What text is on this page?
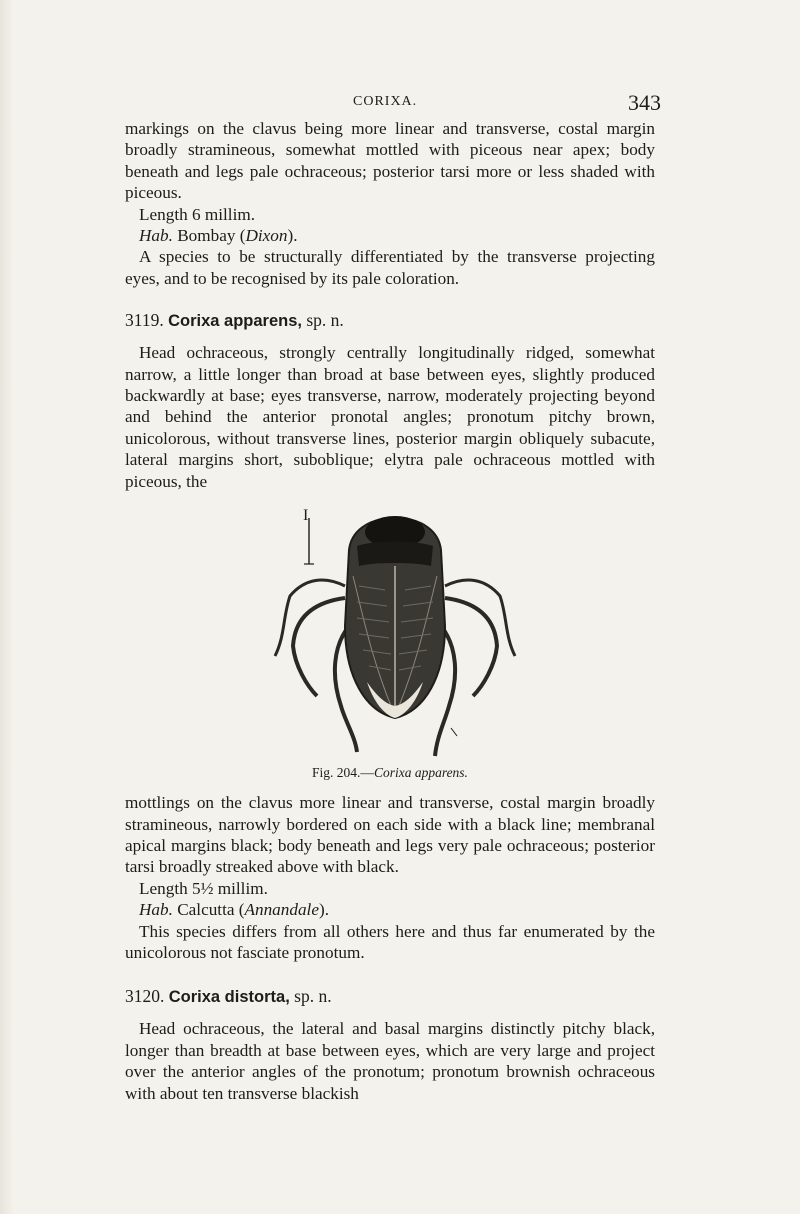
CORIXA.	343

markings on the clavus being more linear and transverse, costal margin broadly stramineous, somewhat mottled with piceous near apex; body beneath and legs pale ochraceous; posterior tarsi more or less shaded with piceous.

Length 6 millim.

Hab. Bombay (Dixon).

A species to be structurally differentiated by the transverse projecting eyes, and to be recognised by its pale coloration.

3119. Corixa apparens, sp. n.

Head ochraceous, strongly centrally longitudinally ridged, somewhat narrow, a little longer than broad at base between eyes, slightly produced backwardly at base; eyes transverse, narrow, moderately projecting beyond and behind the anterior pronotal angles; pronotum pitchy brown, unicolorous, without transverse lines, posterior margin obliquely subacute, lateral margins short, suboblique; elytra pale ochraceous mottled with piceous, the

I
Fig. 204.—Corixa apparens.

mottlings on the clavus more linear and transverse, costal margin broadly stramineous, narrowly bordered on each side with a black line; membranal apical margins black; body beneath and legs very pale ochraceous; posterior tarsi broadly streaked above with black.

Length 5½ millim.

Hab. Calcutta (Annandale).

This species differs from all others here and thus far enumerated by the unicolorous not fasciate pronotum.

3120. Corixa distorta, sp. n.

Head ochraceous, the lateral and basal margins distinctly pitchy black, longer than breadth at base between eyes, which are very large and project over the anterior angles of the pronotum; pronotum brownish ochraceous with about ten transverse blackish
